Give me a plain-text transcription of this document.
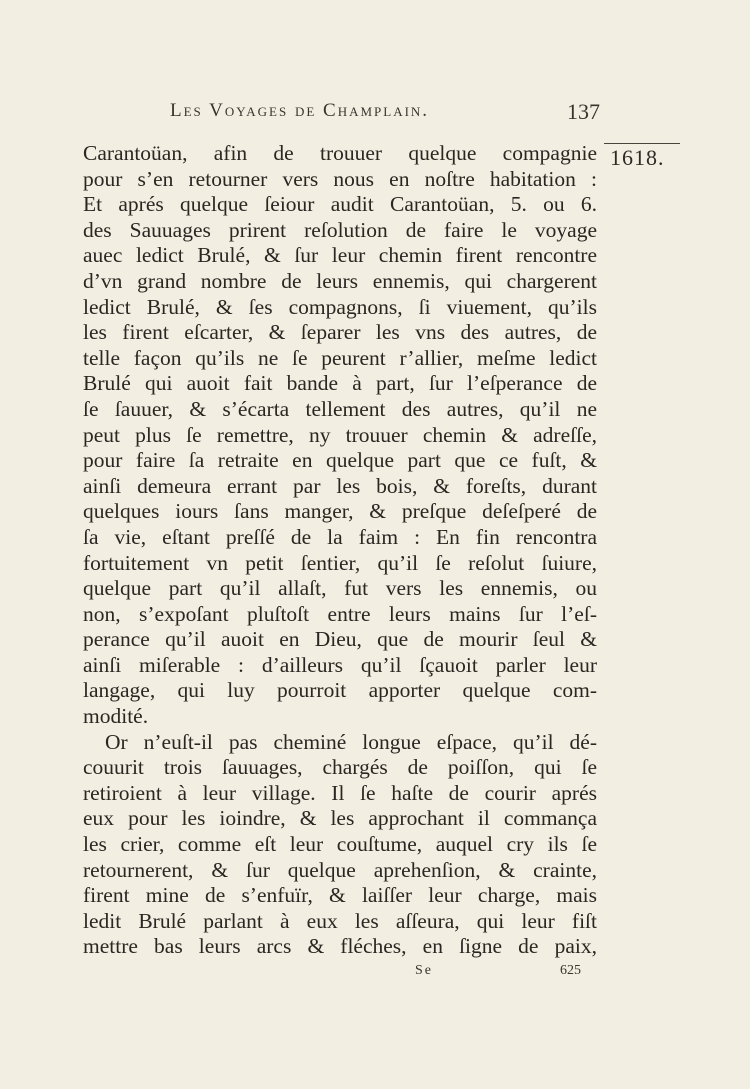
Les Voyages de Champlain.	137
1618.
Carantoüan, afin de trouuer quelque compagnie
pour s’en retourner vers nous en noſtre habitation :
Et aprés quelque ſeiour audit Carantoüan, 5. ou 6.
des Sauuages prirent reſolution de faire le voyage
auec ledict Brulé, & ſur leur chemin firent rencontre
d’vn grand nombre de leurs ennemis, qui chargerent
ledict Brulé, & ſes compagnons, ſi viuement, qu’ils
les firent eſcarter, & ſeparer les vns des autres, de
telle façon qu’ils ne ſe peurent r’allier, meſme ledict
Brulé qui auoit fait bande à part, ſur l’eſperance de
ſe ſauuer, & s’écarta tellement des autres, qu’il ne
peut plus ſe remettre, ny trouuer chemin & adreſſe,
pour faire ſa retraite en quelque part que ce fuſt, &
ainſi demeura errant par les bois, & foreſts, durant
quelques iours ſans manger, & preſque deſeſperé de
ſa vie, eſtant preſſé de la faim : En fin rencontra
fortuitement vn petit ſentier, qu’il ſe reſolut ſuiure,
quelque part qu’il allaſt, fut vers les ennemis, ou
non, s’expoſant pluſtoſt entre leurs mains ſur l’eſ-
perance qu’il auoit en Dieu, que de mourir ſeul &
ainſi miſerable : d’ailleurs qu’il ſçauoit parler leur
langage, qui luy pourroit apporter quelque com-
modité.
Or n’euſt-il pas cheminé longue eſpace, qu’il dé-
couurit trois ſauuages, chargés de poiſſon, qui ſe
retiroient à leur village. Il ſe haſte de courir aprés
eux pour les ioindre, & les approchant il commança
les crier, comme eſt leur couſtume, auquel cry ils ſe
retournerent, & ſur quelque aprehenſion, & crainte,
firent mine de s’enfuïr, & laiſſer leur charge, mais
ledit Brulé parlant à eux les aſſeura, qui leur fiſt
mettre bas leurs arcs & fléches, en ſigne de paix,
Se	625
